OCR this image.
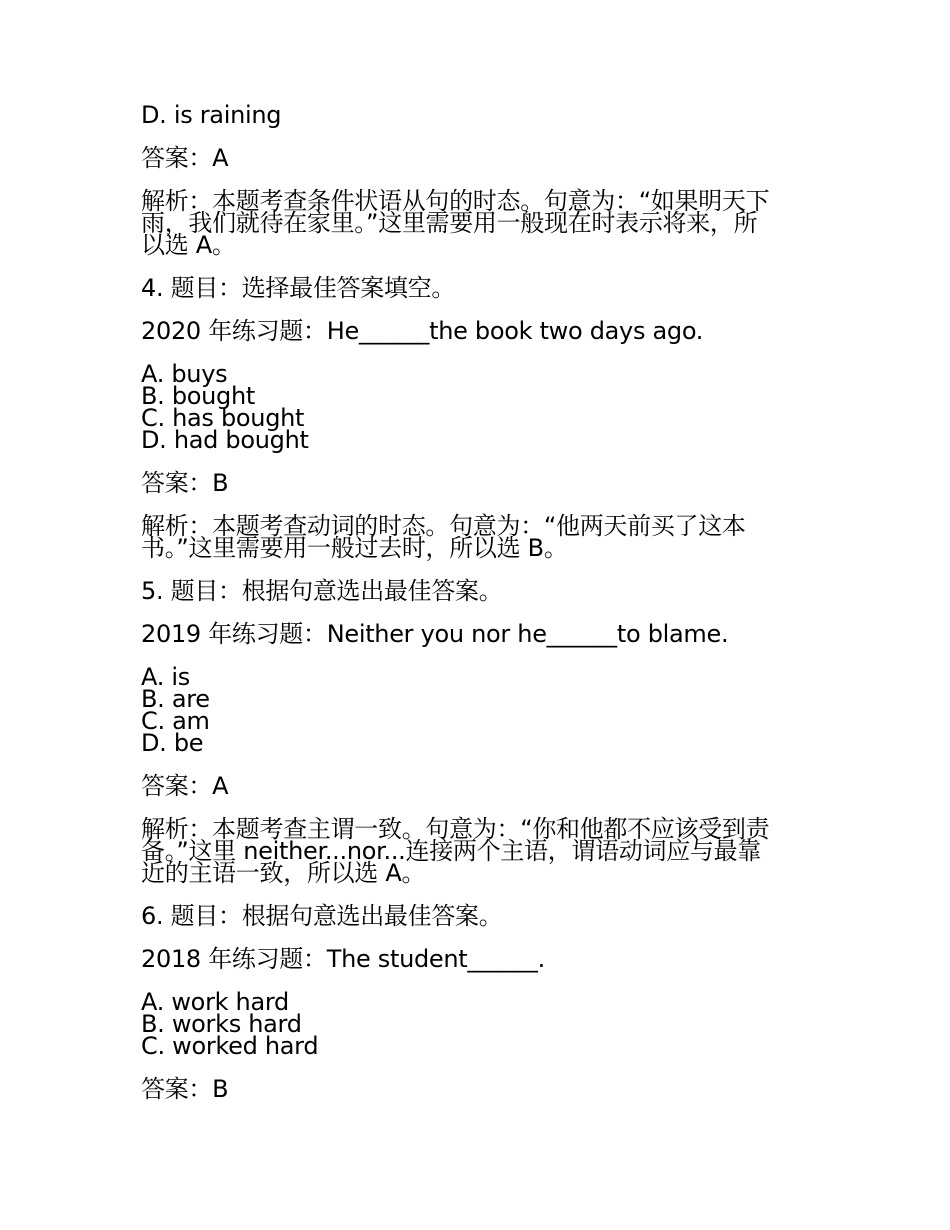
D. is raining
答案：A
解析：本题考查条件状语从句的时态。句意为：“如果明天下
雨，我们就待在家里。”这里需要用一般现在时表示将来，所
以选 A。
4. 题目：选择最佳答案填空。
2020 年练习题：He______the book two days ago.
A. buys
B. bought
C. has bought
D. had bought
答案：B
解析：本题考查动词的时态。句意为：“他两天前买了这本
书。”这里需要用一般过去时，所以选 B。
5. 题目：根据句意选出最佳答案。
2019 年练习题：Neither you nor he______to blame.
A. is
B. are
C. am
D. be
答案：A
解析：本题考查主谓一致。句意为：“你和他都不应该受到责
备。”这里 neither...nor...连接两个主语，谓语动词应与最靠
近的主语一致，所以选 A。
6. 题目：根据句意选出最佳答案。
2018 年练习题：The student______.
A. work hard
B. works hard
C. worked hard
答案：B
